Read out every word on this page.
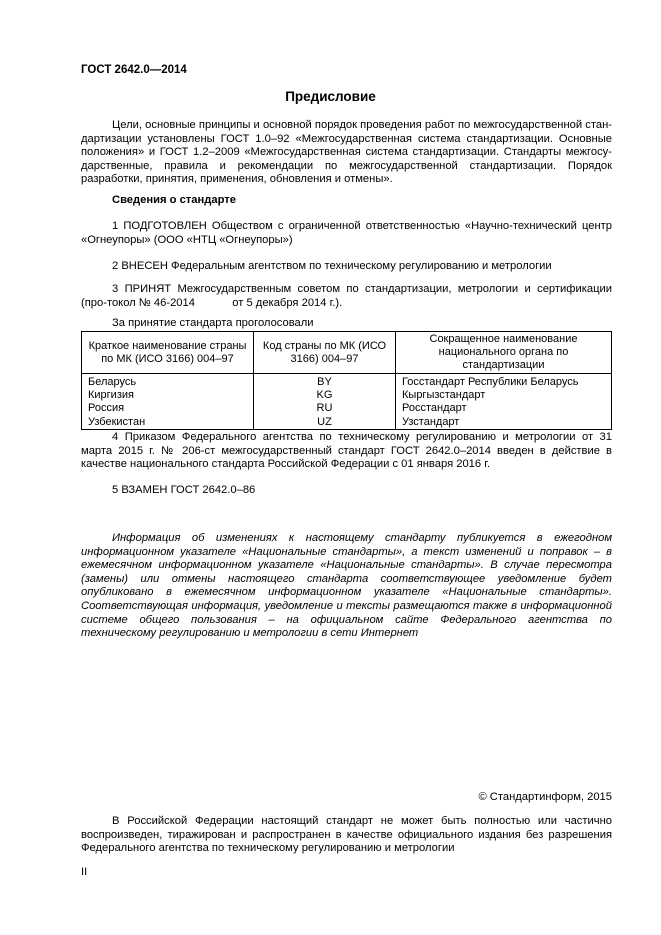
ГОСТ 2642.0—2014
Предисловие
Цели, основные принципы и основной порядок проведения работ по межгосударственной стан-дартизации установлены ГОСТ 1.0–92 «Межгосударственная система стандартизации. Основные положения» и ГОСТ 1.2–2009 «Межгосударственная система стандартизации. Стандарты межгосу-дарственные, правила и рекомендации по межгосударственной стандартизации. Порядок разработки, принятия, применения, обновления и отмены».
Сведения о стандарте
1 ПОДГОТОВЛЕН Обществом с ограниченной ответственностью «Научно-технический центр «Огнеупоры» (ООО «НТЦ «Огнеупоры»)
2 ВНЕСЕН Федеральным агентством по техническому регулированию и метрологии
3 ПРИНЯТ Межгосударственным советом по стандартизации, метрологии и сертификации (про-токол № 46-2014            от 5 декабря 2014 г.).
За принятие стандарта проголосовали
Краткое наименование страны по МК (ИСО 3166) 004–97	Код страны по МК (ИСО 3166) 004–97	Сокращенное наименование национального органа по стандартизации
Беларусь	BY	Госстандарт Республики Беларусь
Киргизия	KG	Кыргызстандарт
Россия	RU	Росстандарт
Узбекистан	UZ	Узстандарт
4 Приказом Федерального агентства по техническому регулированию и метрологии от 31 марта 2015 г. № 206-ст межгосударственный стандарт ГОСТ 2642.0–2014 введен в действие в качестве национального стандарта Российской Федерации с 01 января 2016 г.
5 ВЗАМЕН ГОСТ 2642.0–86
Информация об изменениях к настоящему стандарту публикуется в ежегодном информационном указателе «Национальные стандарты», а текст изменений и поправок – в ежемесячном информационном указателе «Национальные стандарты». В случае пересмотра (замены) или отмены настоящего стандарта соответствующее уведомление будет опубликовано в ежемесячном информационном указателе «Национальные стандарты». Соответствующая информация, уведомление и тексты размещаются также в информационной системе общего пользования – на официальном сайте Федерального агентства по техническому регулированию и метрологии в сети Интернет
© Стандартинформ, 2015
В Российской Федерации настоящий стандарт не может быть полностью или частично воспроизведен, тиражирован и распространен в качестве официального издания без разрешения Федерального агентства по техническому регулированию и метрологии
II
